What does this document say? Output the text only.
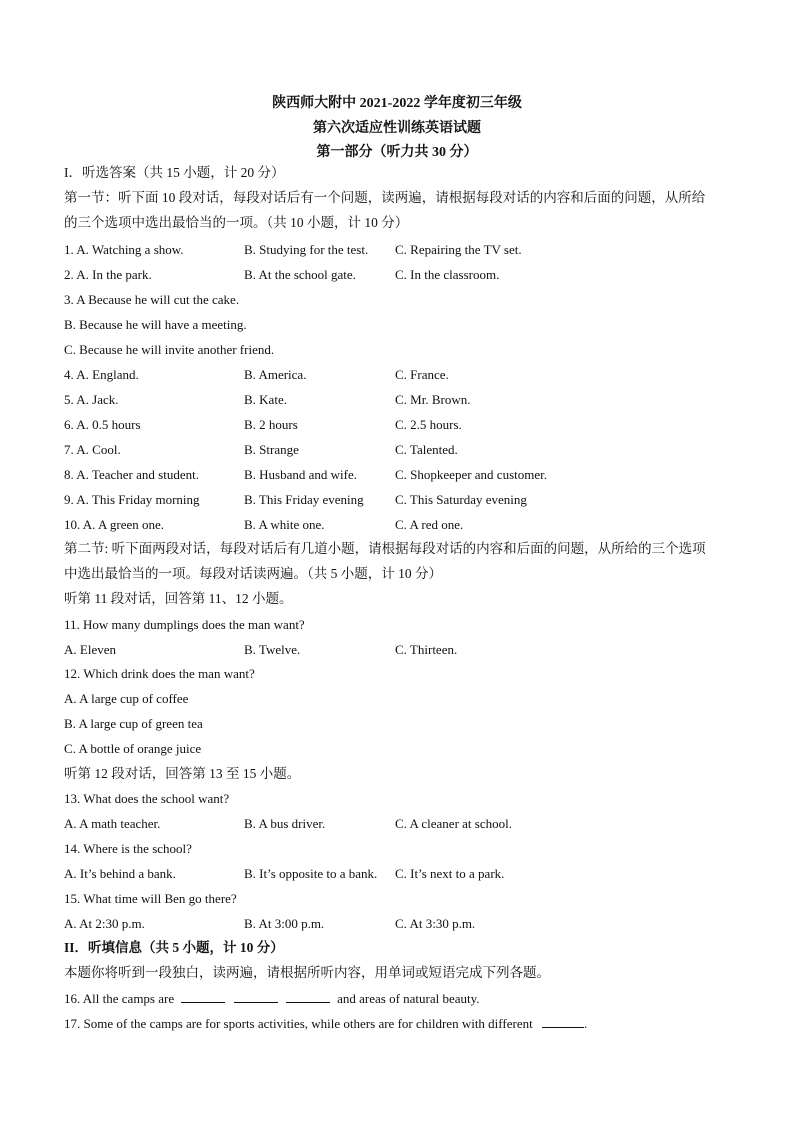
陕西师大附中 2021-2022 学年度初三年级
第六次适应性训练英语试题
第一部分（听力共 30 分）
I．听选答案（共 15 小题，计 20 分）
第一节：听下面 10 段对话，每段对话后有一个问题，读两遍，请根据每段对话的内容和后面的问题，从所给
的三个选项中选出最恰当的一项。（共 10 小题，计 10 分）
1. A. Watching a show.	B. Studying for the test. C. Repairing the TV set.
2. A. In the park.	B. At the school gate.	C. In the classroom.
3. A Because he will cut the cake.
B. Because he will have a meeting.
C. Because he will invite another friend.
4. A. England.	B. America.	C. France.
5. A. Jack.	B. Kate.	C. Mr. Brown.
6. A. 0.5 hours	B. 2 hours	C. 2.5 hours.
7. A. Cool.	B. Strange	C. Talented.
8. A. Teacher and student.	B. Husband and wife.	C. Shopkeeper and customer.
9. A. This Friday morning	B. This Friday evening C. This Saturday evening
10. A. A green one.	B. A white one.	C. A red one.
第二节: 听下面两段对话，每段对话后有几道小题，请根据每段对话的内容和后面的问题，从所给的三个选项
中选出最恰当的一项。每段对话读两遍。（共 5 小题，计 10 分）
听第 11 段对话，回答第 11、12 小题。
11. How many dumplings does the man want?
A. Eleven	B. Twelve.	C. Thirteen.
12. Which drink does the man want?
A. A large cup of coffee
B. A large cup of green tea
C. A bottle of orange juice
听第 12 段对话，回答第 13 至 15 小题。
13. What does the school want?
A. A math teacher.	B. A bus driver.	C. A cleaner at school.
14. Where is the school?
A. It’s behind a bank.	B. It’s opposite to a bank. C. It’s next to a park.
15. What time will Ben go there?
A. At 2:30 p.m.	B. At 3:00 p.m.	C. At 3:30 p.m.
II．听填信息（共 5 小题，计 10 分）
本题你将听到一段独白，读两遍，请根据所听内容，用单词或短语完成下列各题。
16. All the camps are	and areas of natural beauty.
17. Some of the camps are for sports activities, while others are for children with different	.
